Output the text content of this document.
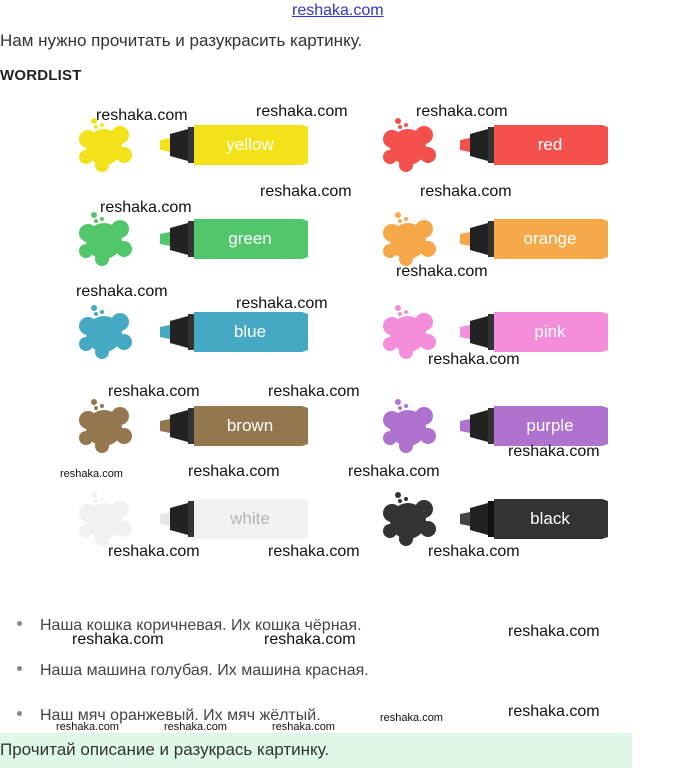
reshaka.com
Нам нужно прочитать и разукрасить картинку.
WORDLIST
yellow	red
green	orange
blue	pink
brown	purple
white	black
reshaka.com	reshaka.com	reshaka.com
reshaka.com	reshaka.com
reshaka.com
reshaka.com
reshaka.com
reshaka.com
reshaka.com
reshaka.com	reshaka.com
reshaka.com
reshaka.com	reshaka.com	reshaka.com
reshaka.com	reshaka.com	reshaka.com
reshaka.com
reshaka.com	reshaka.com
reshaka.com	reshaka.com
reshaka.com	reshaka.com	reshaka.com
Наша кошка коричневая. Их кошка чёрная.
Наша машина голубая. Их машина красная.
Наш мяч оранжевый. Их мяч жёлтый.
Прочитай описание и разукрась картинку.
